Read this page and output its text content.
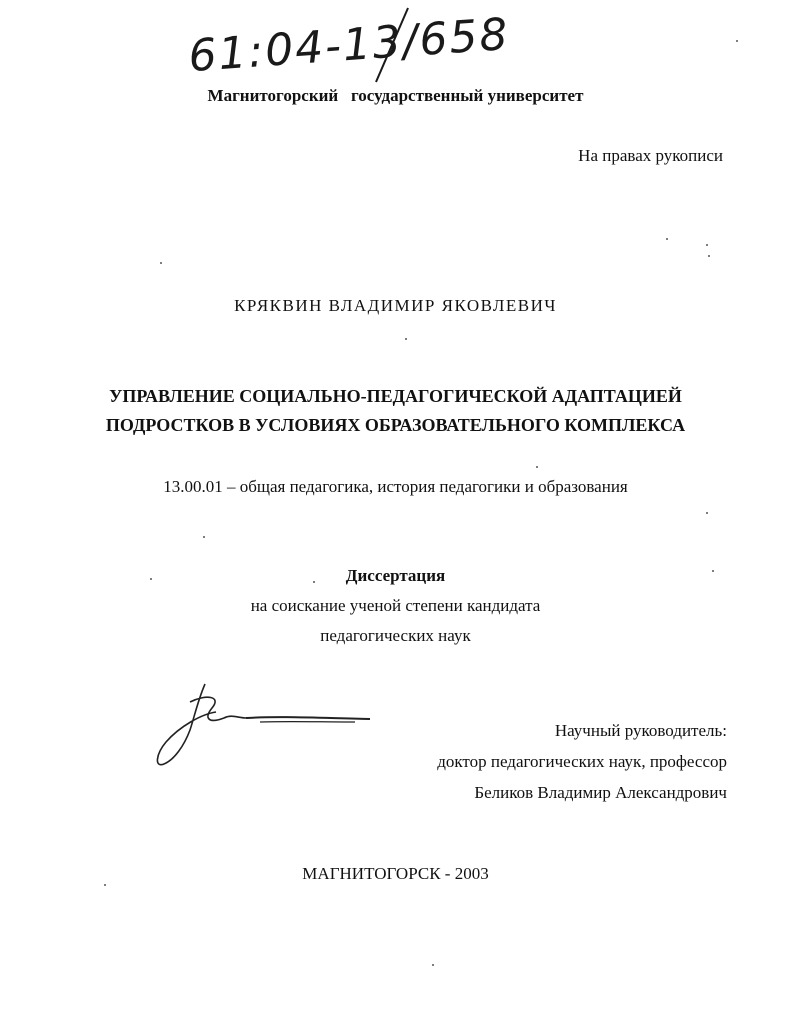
61:04-13/658
Магнитогорский   государственный университет
На правах рукописи
КРЯКВИН ВЛАДИМИР ЯКОВЛЕВИЧ
УПРАВЛЕНИЕ СОЦИАЛЬНО-ПЕДАГОГИЧЕСКОЙ АДАПТАЦИЕЙ
ПОДРОСТКОВ В УСЛОВИЯХ ОБРАЗОВАТЕЛЬНОГО КОМПЛЕКСА
13.00.01 – общая педагогика, история педагогики и образования
Диссертация
на соискание ученой степени кандидата
педагогических наук
Научный руководитель:
доктор педагогических наук, профессор
Беликов Владимир Александрович
МАГНИТОГОРСК - 2003
